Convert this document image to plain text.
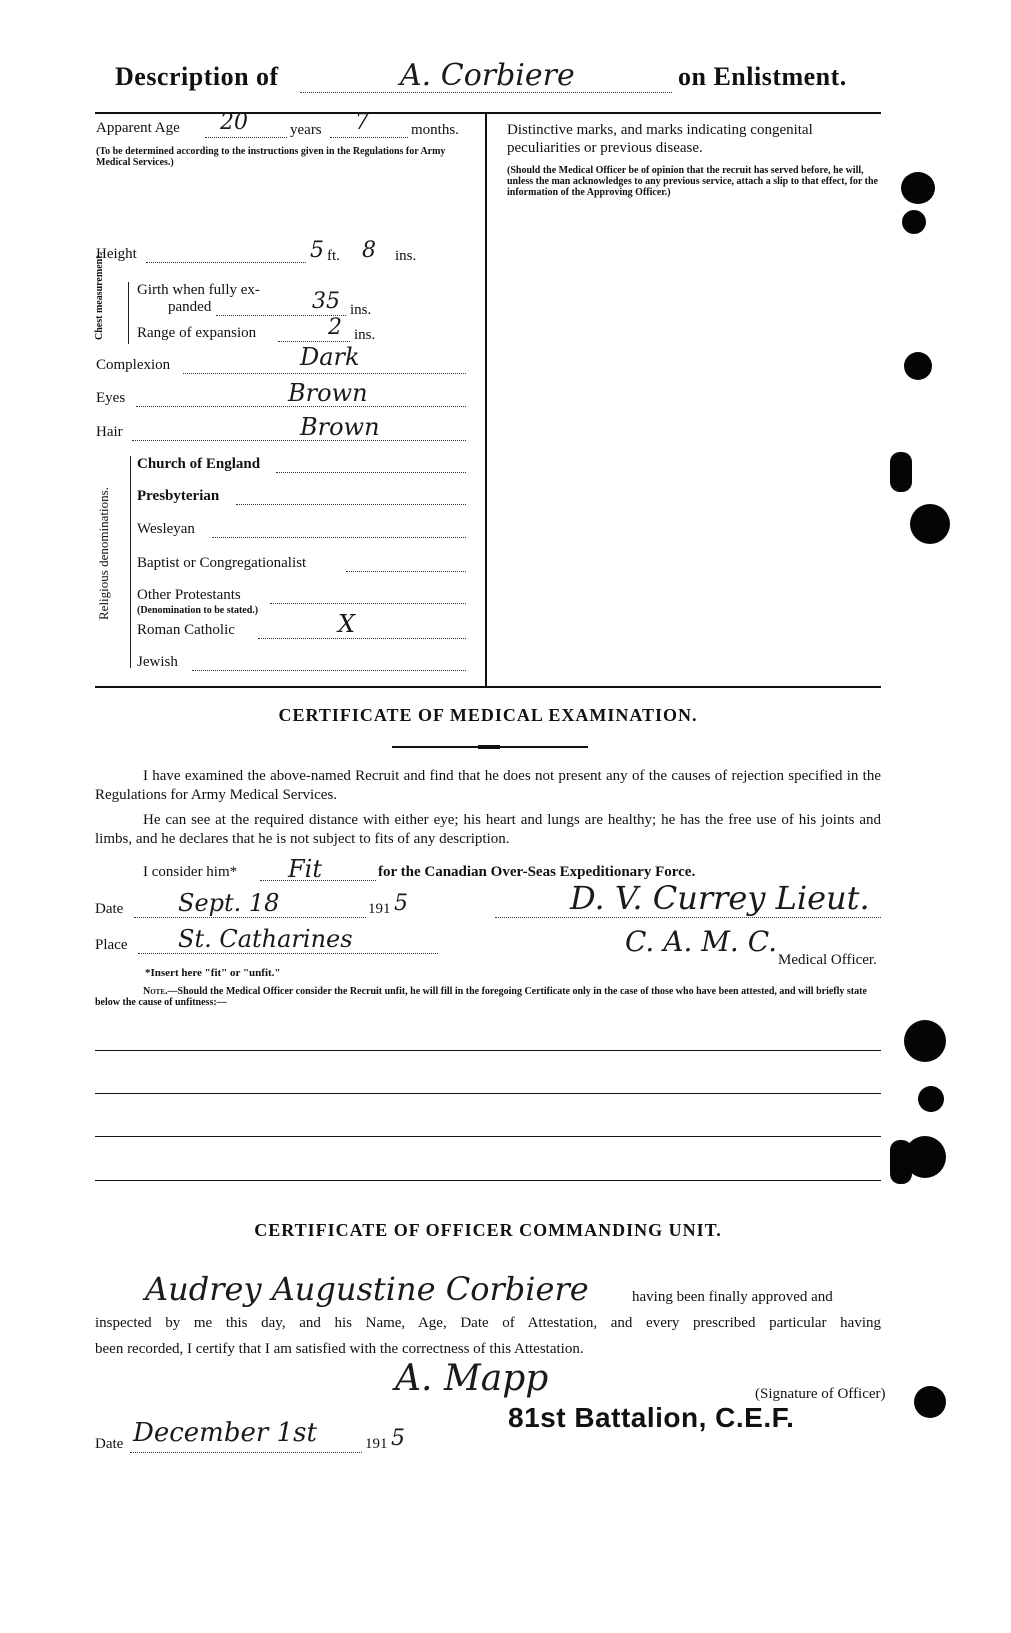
Description of	A. Corbiere	on Enlistment.
Apparent Age 20	years 7	months.
(To be determined according to the instructions given in the Regulations for Army Medical Services.)
Height	5 ft. 8 ins.
Chest measurement. Girth when fully ex-
panded	35 ins.
Range of expansion	2 ins.
Complexion	Dark
Eyes	Brown
Hair	Brown
Religious denominations.
Church of England
Presbyterian
Wesleyan
Baptist or Congregationalist
Other Protestants
(Denomination to be stated.)
Roman Catholic	X
Jewish
Distinctive marks, and marks indicating congenital
peculiarities or previous disease.
(Should the Medical Officer be of opinion that the recruit has served before, he will, unless the man acknowledges to any previous service, attach a slip to that effect, for the information of the Approving Officer.)
CERTIFICATE OF MEDICAL EXAMINATION.
I have examined the above-named Recruit and find that he does not present any of the causes of rejection specified in the Regulations for Army Medical Services.
He can see at the required distance with either eye; his heart and lungs are healthy; he has the free use of his joints and limbs, and he declares that he is not subject to fits of any description.
I consider him* Fit	for the Canadian Over-Seas Expeditionary Force.
Date Sept. 18	191 5	D. V. Currey Lieut.
Place St. Catharines	C. A. M. C.
Medical Officer.
*Insert here "fit" or "unfit."
Note.—Should the Medical Officer consider the Recruit unfit, he will fill in the foregoing Certificate only in the case of those who have been attested, and will briefly state below the cause of unfitness:—
CERTIFICATE OF OFFICER COMMANDING UNIT.
Audrey Augustine Corbiere	having been finally approved and
inspected by me this day, and his Name, Age, Date of Attestation, and every prescribed particular having
been recorded, I certify that I am satisfied with the correctness of this Attestation.
A. Mapp	(Signature of Officer)
81st Battalion, C.E.F.
Date December 1st	191 5
